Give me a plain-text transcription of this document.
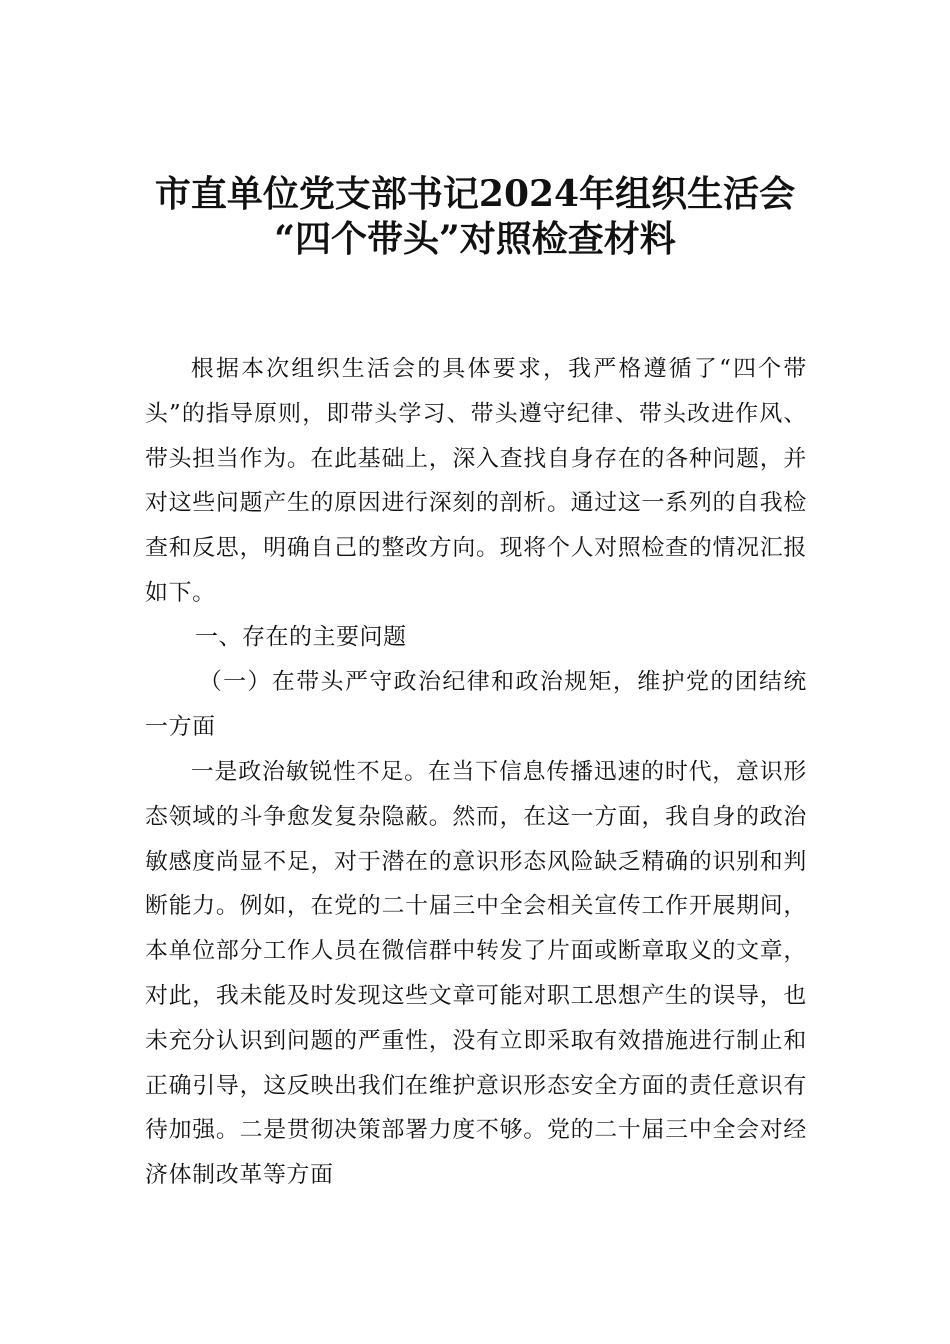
市直单位党支部书记2024年组织生活会
“四个带头”对照检查材料
根据本次组织生活会的具体要求，我严格遵循了“四个带头”的指导原则，即带头学习、带头遵守纪律、带头改进作风、带头担当作为。在此基础上，深入查找自身存在的各种问题，并对这些问题产生的原因进行深刻的剖析。通过这一系列的自我检查和反思，明确自己的整改方向。现将个人对照检查的情况汇报如下。
一、存在的主要问题
（一）在带头严守政治纪律和政治规矩，维护党的团结统一方面
一是政治敏锐性不足。在当下信息传播迅速的时代，意识形态领域的斗争愈发复杂隐蔽。然而，在这一方面，我自身的政治敏感度尚显不足，对于潜在的意识形态风险缺乏精确的识别和判断能力。例如，在党的二十届三中全会相关宣传工作开展期间，本单位部分工作人员在微信群中转发了片面或断章取义的文章，对此，我未能及时发现这些文章可能对职工思想产生的误导，也未充分认识到问题的严重性，没有立即采取有效措施进行制止和正确引导，这反映出我们在维护意识形态安全方面的责任意识有待加强。二是贯彻决策部署力度不够。党的二十届三中全会对经济体制改革等方面
